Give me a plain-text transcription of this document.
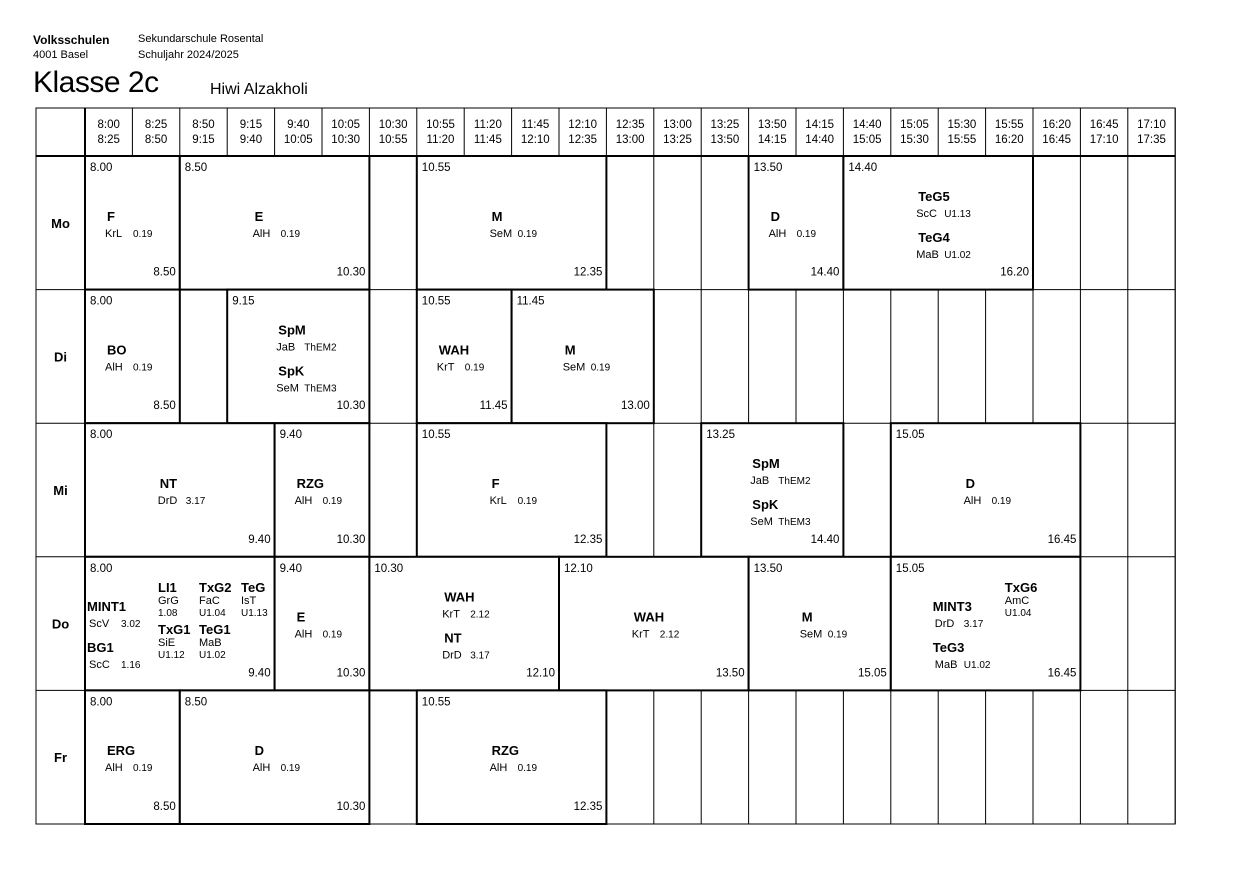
Volksschulen
4001 Basel
Sekundarschule Rosental
Schuljahr 2024/2025
Klasse 2c	Hiwi Alzakholi
8:00
8:25
8:25
8:50
8:50
9:15
9:15
9:40
9:40
10:05
10:05
10:30
10:30
10:55
10:55
11:20
11:20
11:45
11:45
12:10
12:10
12:35
12:35
13:00
13:00
13:25
13:25
13:50
13:50
14:15
14:15
14:40
14:40
15:05
15:05
15:30
15:30
15:55
15:55
16:20
16:20
16:45
16:45
17:10
17:10
17:35
Mo
Di
Mi
Do
Fr
8.00
8.50
F
KrL 0.19
8.50
10.30
E
AlH 0.19
10.55
12.35
M
SeM 0.19
13.50
14.40
D
AlH 0.19
14.40
16.20
TeG5
ScC U1.13
TeG4
MaB U1.02
8.00
8.50
BO
AlH 0.19
9.15
10.30
SpM
JaB ThEM2
SpK
SeM ThEM3
10.55
11.45
WAH
KrT 0.19
11.45
13.00
M
SeM 0.19
8.00
9.40
NT
DrD 3.17
9.40
10.30
RZG
AlH 0.19
10.55
12.35
F
KrL 0.19
13.25
14.40
SpM
JaB ThEM2
SpK
SeM ThEM3
15.05
16.45
D
AlH 0.19
8.00
9.40
MINT1
ScV 3.02
BG1
ScC 1.16
LI1
GrG
1.08
TxG1
SiE
U1.12
TxG2
FaC
U1.04
TeG1
MaB
U1.02
TeG
IsT
U1.13
9.40
10.30
E
AlH 0.19
10.30
12.10
WAH
KrT 2.12
NT
DrD 3.17
12.10
13.50
WAH
KrT 2.12
13.50
15.05
M
SeM 0.19
15.05
16.45
MINT3
DrD 3.17
TeG3
MaB U1.02
TxG6
AmC
U1.04
8.00
8.50
ERG
AlH 0.19
8.50
10.30
D
AlH 0.19
10.55
12.35
RZG
AlH 0.19
